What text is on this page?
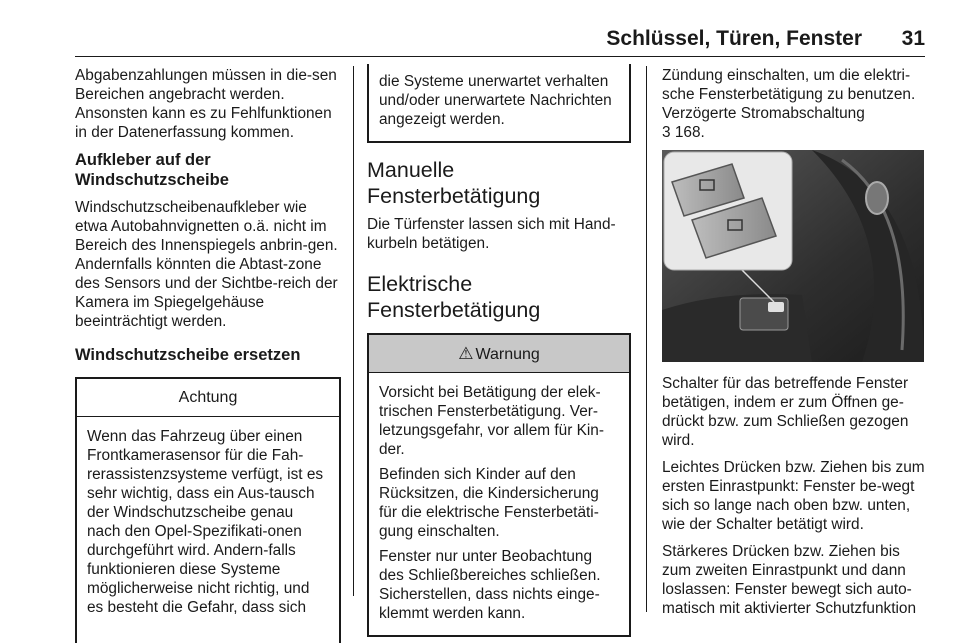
Schlüssel, Türen, Fenster 31

Abgabenzahlungen müssen in die-sen Bereichen angebracht werden. Ansonsten kann es zu Fehlfunktionen in der Datenerfassung kommen.

Aufkleber auf der
Windschutzscheibe

Windschutzscheibenaufkleber wie etwa Autobahnvignetten o.ä. nicht im Bereich des Innenspiegels anbrin-gen. Andernfalls könnten die Abtast-zone des Sensors und der Sichtbe-reich der Kamera im Spiegelgehäuse beeinträchtigt werden.

Windschutzscheibe ersetzen
Achtung

Wenn das Fahrzeug über einen Frontkamerasensor für die Fah-rerassistenzsysteme verfügt, ist es sehr wichtig, dass ein Aus-tausch der Windschutzscheibe genau nach den Opel-Spezifikati-onen durchgeführt wird. Andern-falls funktionieren diese Systeme möglicherweise nicht richtig, und es besteht die Gefahr, dass sich

die Systeme unerwartet verhalten und/oder unerwartete Nachrichten angezeigt werden.

Manuelle
Fensterbetätigung

Die Türfenster lassen sich mit Hand-kurbeln betätigen.

Elektrische
Fensterbetätigung
⚠ Warnung

Vorsicht bei Betätigung der elek-trischen Fensterbetätigung. Ver-letzungsgefahr, vor allem für Kin-der.

Befinden sich Kinder auf den Rücksitzen, die Kindersicherung für die elektrische Fensterbetäti-gung einschalten.

Fenster nur unter Beobachtung des Schließbereiches schließen. Sicherstellen, dass nichts einge-klemmt werden kann.

Zündung einschalten, um die elektri-sche Fensterbetätigung zu benutzen. Verzögerte Stromabschaltung

3 168.

Schalter für das betreffende Fenster betätigen, indem er zum Öffnen ge-drückt bzw. zum Schließen gezogen wird.

Leichtes Drücken bzw. Ziehen bis zum ersten Einrastpunkt: Fenster be-wegt sich so lange nach oben bzw. unten, wie der Schalter betätigt wird.

Stärkeres Drücken bzw. Ziehen bis zum zweiten Einrastpunkt und dann loslassen: Fenster bewegt sich auto-matisch mit aktivierter Schutzfunktion
